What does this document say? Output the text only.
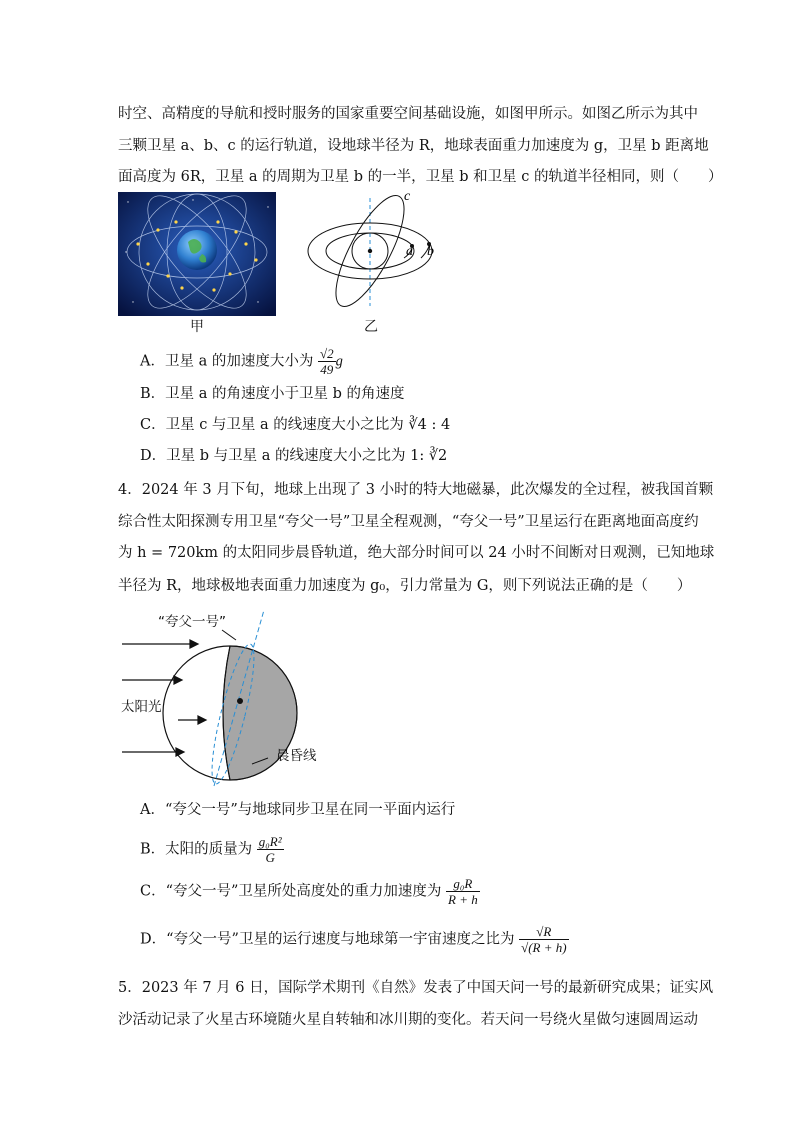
时空、高精度的导航和授时服务的国家重要空间基础设施，如图甲所示。如图乙所示为其中
三颗卫星 a、b、c 的运行轨道，设地球半径为 R，地球表面重力加速度为 g，卫星 b 距离地
面高度为 6R，卫星 a 的周期为卫星 b 的一半，卫星 b 和卫星 c 的轨道半径相同，则（　　）
甲
a b
c
乙
A．卫星 a 的加速度大小为 $\frac{√2}{49}$ g
B．卫星 a 的角速度小于卫星 b 的角速度
C．卫星 c 与卫星 a 的线速度大小之比为 ∛4 : 4
D．卫星 b 与卫星 a 的线速度大小之比为 1: ∛2
4．2024 年 3 月下旬，地球上出现了 3 小时的特大地磁暴，此次爆发的全过程，被我国首颗
综合性太阳探测专用卫星“夸父一号”卫星全程观测，“夸父一号”卫星运行在距离地面高度约
为 h = 720km 的太阳同步晨昏轨道，绝大部分时间可以 24 小时不间断对日观测，已知地球
半径为 R，地球极地表面重力加速度为 g₀，引力常量为 G，则下列说法正确的是（　　）
“夸父一号”
太阳光
晨昏线
A．“夸父一号”与地球同步卫星在同一平面内运行
B．太阳的质量为 $\frac{\text{g₀R²}}{G}$
C．“夸父一号”卫星所处高度处的重力加速度为 $\frac{\text{g₀R}}{R + h}$
D．“夸父一号”卫星的运行速度与地球第一宇宙速度之比为 $\frac{√R}{√(R + h)}$
5．2023 年 7 月 6 日，国际学术期刊《自然》发表了中国天问一号的最新研究成果；证实风
沙活动记录了火星古环境随火星自转轴和冰川期的变化。若天问一号绕火星做匀速圆周运动
